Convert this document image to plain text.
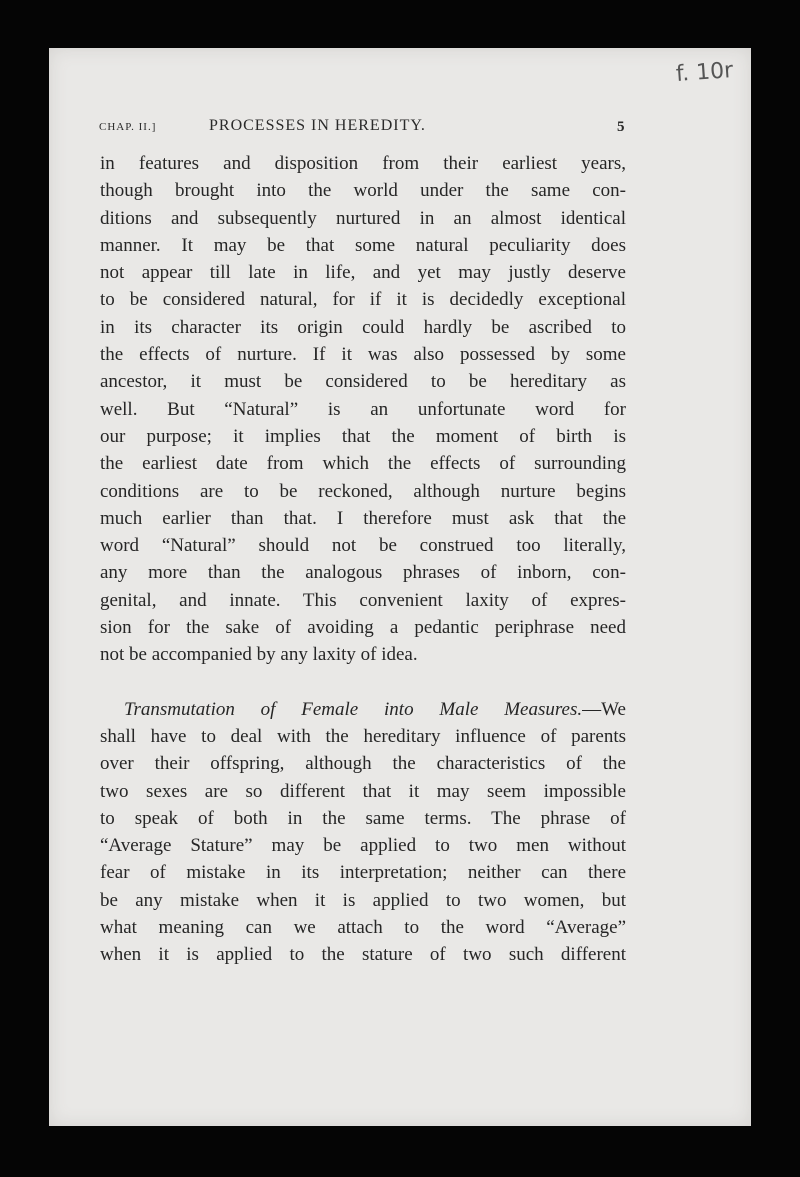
f. 10r
CHAP. II.]	PROCESSES IN HEREDITY.	5
in features and disposition from their earliest years,
though brought into the world under the same con-
ditions and subsequently nurtured in an almost identical
manner. It may be that some natural peculiarity does
not appear till late in life, and yet may justly deserve
to be considered natural, for if it is decidedly exceptional
in its character its origin could hardly be ascribed to
the effects of nurture. If it was also possessed by some
ancestor, it must be considered to be hereditary as
well. But “Natural” is an unfortunate word for
our purpose; it implies that the moment of birth is
the earliest date from which the effects of surrounding
conditions are to be reckoned, although nurture begins
much earlier than that. I therefore must ask that the
word “Natural” should not be construed too literally,
any more than the analogous phrases of inborn, con-
genital, and innate. This convenient laxity of expres-
sion for the sake of avoiding a pedantic periphrase need
not be accompanied by any laxity of idea.
Transmutation of Female into Male Measures.—We
shall have to deal with the hereditary influence of parents
over their offspring, although the characteristics of the
two sexes are so different that it may seem impossible
to speak of both in the same terms. The phrase of
“Average Stature” may be applied to two men without
fear of mistake in its interpretation; neither can there
be any mistake when it is applied to two women, but
what meaning can we attach to the word “Average”
when it is applied to the stature of two such different
